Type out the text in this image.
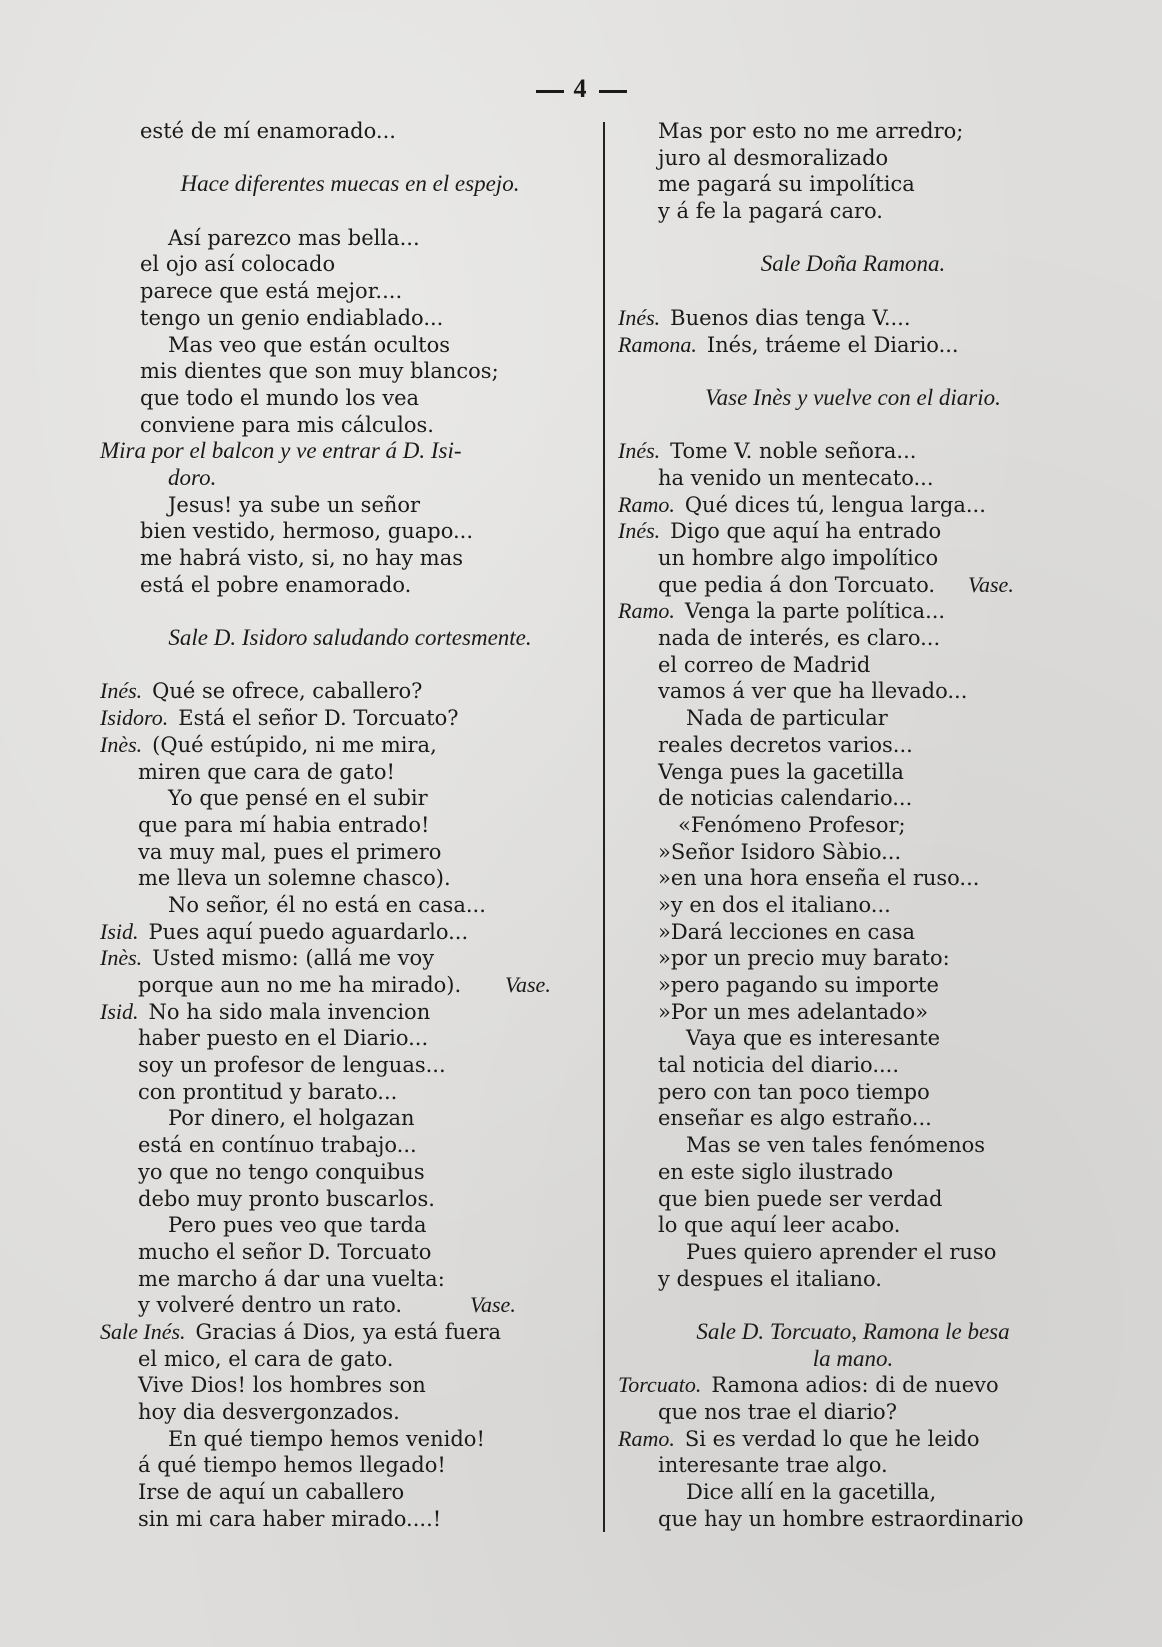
4
esté de mí enamorado...
Hace diferentes muecas en el espejo.
Así parezco mas bella...
el ojo así colocado
parece que está mejor....
tengo un genio endiablado...
Mas veo que están ocultos
mis dientes que son muy blancos;
que todo el mundo los vea
conviene para mis cálculos.
Mira por el balcon y ve entrar á D. Isi-
doro.
Jesus! ya sube un señor
bien vestido, hermoso, guapo...
me habrá visto, si, no hay mas
está el pobre enamorado.
Sale D. Isidoro saludando cortesmente.
Inés. Qué se ofrece, caballero?
Isidoro. Está el señor D. Torcuato?
Inès. (Qué estúpido, ni me mira,
miren que cara de gato!
Yo que pensé en el subir
que para mí habia entrado!
va muy mal, pues el primero
me lleva un solemne chasco).
No señor, él no está en casa...
Isid. Pues aquí puedo aguardarlo...
Inès. Usted mismo: (allá me voy
porque aun no me ha mirado). Vase.
Isid. No ha sido mala invencion
haber puesto en el Diario...
soy un profesor de lenguas...
con prontitud y barato...
Por dinero, el holgazan
está en contínuo trabajo...
yo que no tengo conquibus
debo muy pronto buscarlos.
Pero pues veo que tarda
mucho el señor D. Torcuato
me marcho á dar una vuelta:
y volveré dentro un rato.	Vase.
Sale Inés. Gracias á Dios, ya está fuera
el mico, el cara de gato.
Vive Dios! los hombres son
hoy dia desvergonzados.
En qué tiempo hemos venido!
á qué tiempo hemos llegado!
Irse de aquí un caballero
sin mi cara haber mirado....!
Mas por esto no me arredro;
juro al desmoralizado
me pagará su impolítica
y á fe la pagará caro.
Sale Doña Ramona.
Inés. Buenos dias tenga V....
Ramona. Inés, tráeme el Diario...
Vase Inès y vuelve con el diario.
Inés. Tome V. noble señora...
ha venido un mentecato...
Ramo. Qué dices tú, lengua larga...
Inés. Digo que aquí ha entrado
un hombre algo impolítico
que pedia á don Torcuato. Vase.
Ramo. Venga la parte política...
nada de interés, es claro...
el correo de Madrid
vamos á ver que ha llevado...
Nada de particular
reales decretos varios...
Venga pues la gacetilla
de noticias calendario...
«Fenómeno Profesor;
»Señor Isidoro Sàbio...
»en una hora enseña el ruso...
»y en dos el italiano...
»Dará lecciones en casa
»por un precio muy barato:
»pero pagando su importe
»Por un mes adelantado»
Vaya que es interesante
tal noticia del diario....
pero con tan poco tiempo
enseñar es algo estraño...
Mas se ven tales fenómenos
en este siglo ilustrado
que bien puede ser verdad
lo que aquí leer acabo.
Pues quiero aprender el ruso
y despues el italiano.
Sale D. Torcuato, Ramona le besa
la mano.
Torcuato. Ramona adios: di de nuevo
que nos trae el diario?
Ramo. Si es verdad lo que he leido
interesante trae algo.
Dice allí en la gacetilla,
que hay un hombre estraordinario
